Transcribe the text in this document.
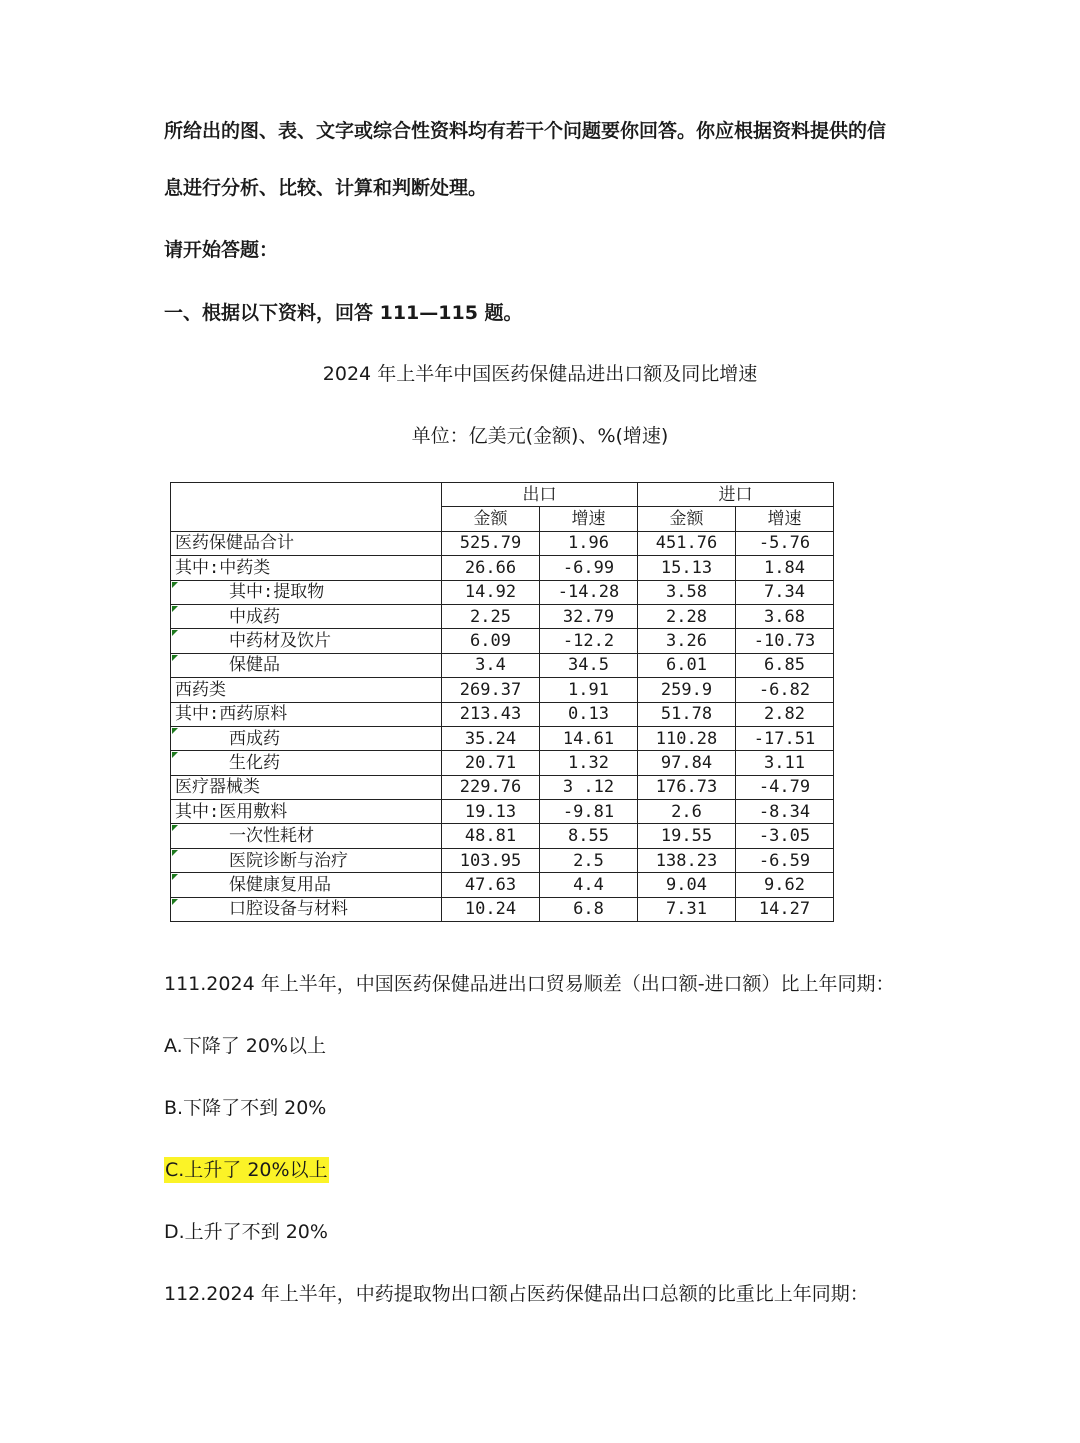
所给出的图、表、文字或综合性资料均有若干个问题要你回答。你应根据资料提供的信
息进行分析、比较、计算和判断处理。
请开始答题：
一、根据以下资料，回答 111—115 题。
2024 年上半年中国医药保健品进出口额及同比增速
单位：亿美元(金额)、%(增速)
	出口		进口	
	金额	增速	金额	增速
医药保健品合计	525.79	1.96	451.76	-5.76
其中:中药类	26.66	-6.99	15.13	1.84
其中:提取物	14.92	-14.28	3.58	7.34
中成药	2.25	32.79	2.28	3.68
中药材及饮片	6.09	-12.2	3.26	-10.73
保健品	3.4	34.5	6.01	6.85
西药类	269.37	1.91	259.9	-6.82
其中:西药原料	213.43	0.13	51.78	2.82
西成药	35.24	14.61	110.28	-17.51
生化药	20.71	1.32	97.84	3.11
医疗器械类	229.76	3 .12	176.73	-4.79
其中:医用敷料	19.13	-9.81	2.6	-8.34
一次性耗材	48.81	8.55	19.55	-3.05
医院诊断与治疗	103.95	2.5	138.23	-6.59
保健康复用品	47.63	4.4	9.04	9.62
口腔设备与材料	10.24	6.8	7.31	14.27
111.2024 年上半年，中国医药保健品进出口贸易顺差（出口额-进口额）比上年同期：
A.下降了 20%以上
B.下降了不到 20%
C.上升了 20%以上
D.上升了不到 20%
112.2024 年上半年，中药提取物出口额占医药保健品出口总额的比重比上年同期：
